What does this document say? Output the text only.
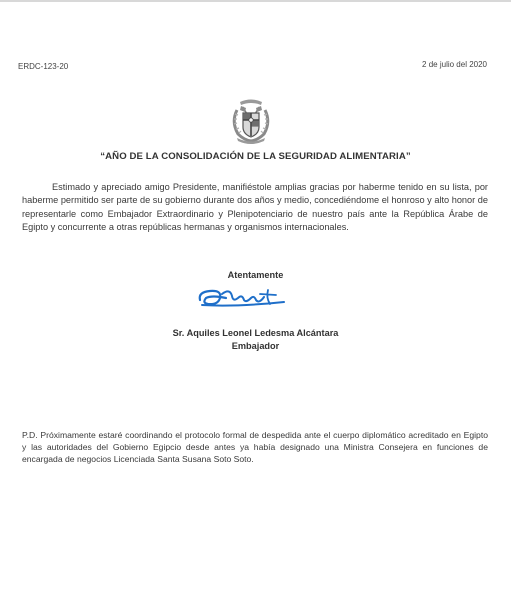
ERDC-123-20	2 de julio del 2020
“AÑO DE LA CONSOLIDACIÓN DE LA SEGURIDAD ALIMENTARIA”
Estimado y apreciado amigo Presidente, manifiéstole amplias gracias por haberme tenido en su lista, por haberme permitido ser parte de su gobierno durante dos años y medio, concediéndome el honroso y alto honor de representarle como Embajador Extraordinario y Plenipotenciario de nuestro país ante la República Árabe de Egipto y concurrente a otras repúblicas hermanas y organismos internacionales.
Atentamente
Sr. Aquiles Leonel Ledesma Alcántara
Embajador
P.D. Próximamente estaré coordinando el protocolo formal de despedida ante el cuerpo diplomático acreditado en Egipto y las autoridades del Gobierno Egipcio desde antes ya había designado una Ministra Consejera en funciones de encargada de negocios Licenciada Santa Susana Soto Soto.
